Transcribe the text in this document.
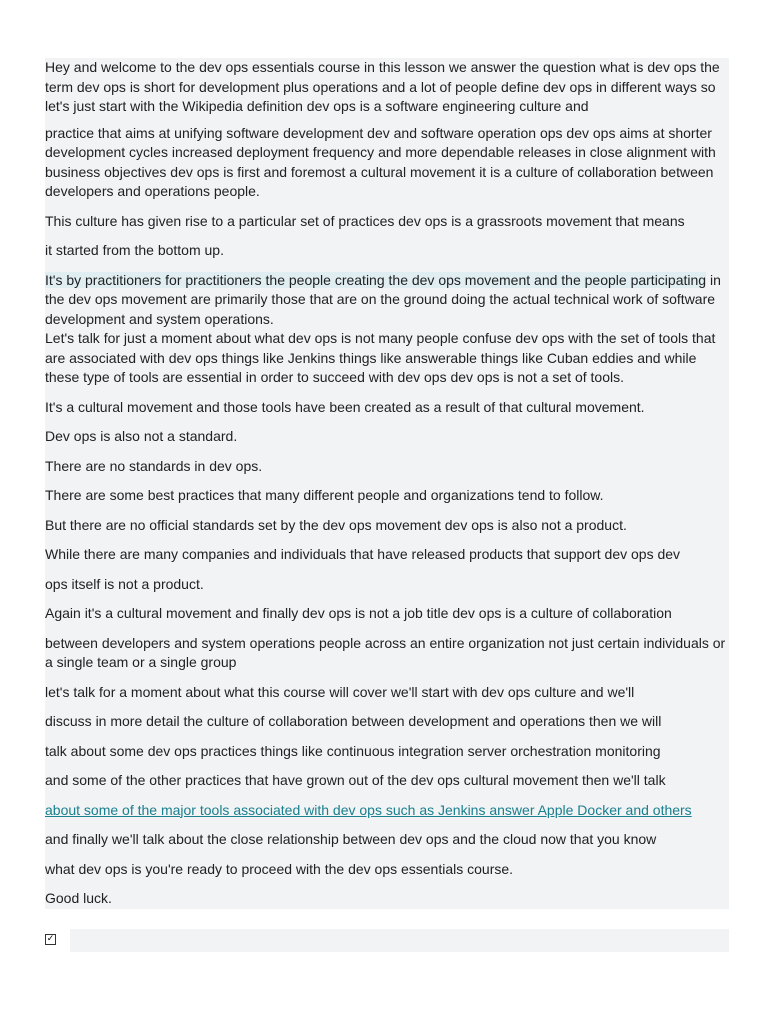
Hey and welcome to the dev ops essentials course in this lesson we answer the question what is dev ops the term dev ops is short for development plus operations and a lot of people define dev ops in different ways so let's just start with the Wikipedia definition dev ops is a software engineering culture and

practice that aims at unifying software development dev and software operation ops dev ops aims at shorter development cycles increased deployment frequency and more dependable releases in close alignment with business objectives dev ops is first and foremost a cultural movement it is a culture of collaboration between developers and operations people.

This culture has given rise to a particular set of practices dev ops is a grassroots movement that means

it started from the bottom up.

It's by practitioners for practitioners the people creating the dev ops movement and the people participating in the dev ops movement are primarily those that are on the ground doing the actual technical work of software development and system operations.

Let's talk for just a moment about what dev ops is not many people confuse dev ops with the set of tools that are associated with dev ops things like Jenkins things like answerable things like Cuban eddies and while these type of tools are essential in order to succeed with dev ops dev ops is not a set of tools.

It's a cultural movement and those tools have been created as a result of that cultural movement.

Dev ops is also not a standard.

There are no standards in dev ops.

There are some best practices that many different people and organizations tend to follow.

But there are no official standards set by the dev ops movement dev ops is also not a product.

While there are many companies and individuals that have released products that support dev ops dev

ops itself is not a product.

Again it's a cultural movement and finally dev ops is not a job title dev ops is a culture of collaboration

between developers and system operations people across an entire organization not just certain individuals or a single team or a single group

let's talk for a moment about what this course will cover we'll start with dev ops culture and we'll

discuss in more detail the culture of collaboration between development and operations then we will

talk about some dev ops practices things like continuous integration server orchestration monitoring

and some of the other practices that have grown out of the dev ops cultural movement then we'll talk

about some of the major tools associated with dev ops such as Jenkins answer Apple Docker and others

and finally we'll talk about the close relationship between dev ops and the cloud now that you know

what dev ops is you're ready to proceed with the dev ops essentials course.

Good luck.

✓
